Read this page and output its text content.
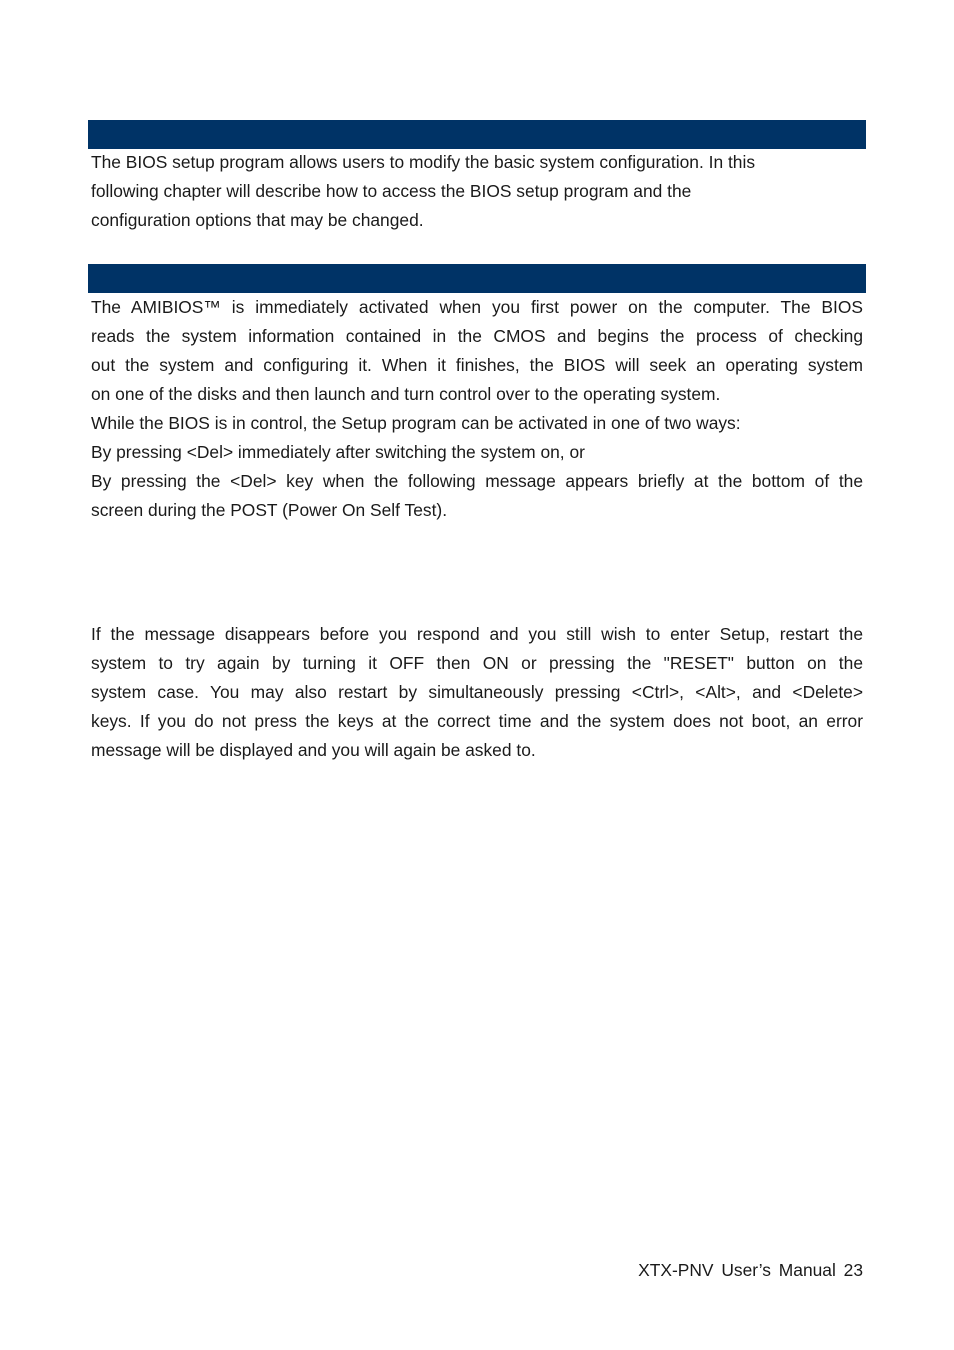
The BIOS setup program allows users to modify the basic system configuration. In this
following chapter will describe how to access the BIOS setup program and the
configuration options that may be changed.
The AMIBIOS™ is immediately activated when you first power on the computer. The BIOS
reads the system information contained in the CMOS and begins the process of checking
out the system and configuring it. When it finishes, the BIOS will seek an operating system
on one of the disks and then launch and turn control over to the operating system.
While the BIOS is in control, the Setup program can be activated in one of two ways:
By pressing <Del> immediately after switching the system on, or
By pressing the <Del> key when the following message appears briefly at the bottom of the
screen during the POST (Power On Self Test).
If the message disappears before you respond and you still wish to enter Setup, restart the
system to try again by turning it OFF then ON or pressing the "RESET" button on the
system case. You may also restart by simultaneously pressing <Ctrl>, <Alt>, and <Delete>
keys. If you do not press the keys at the correct time and the system does not boot, an error
message will be displayed and you will again be asked to.
XTX-PNV User’s Manual 23
